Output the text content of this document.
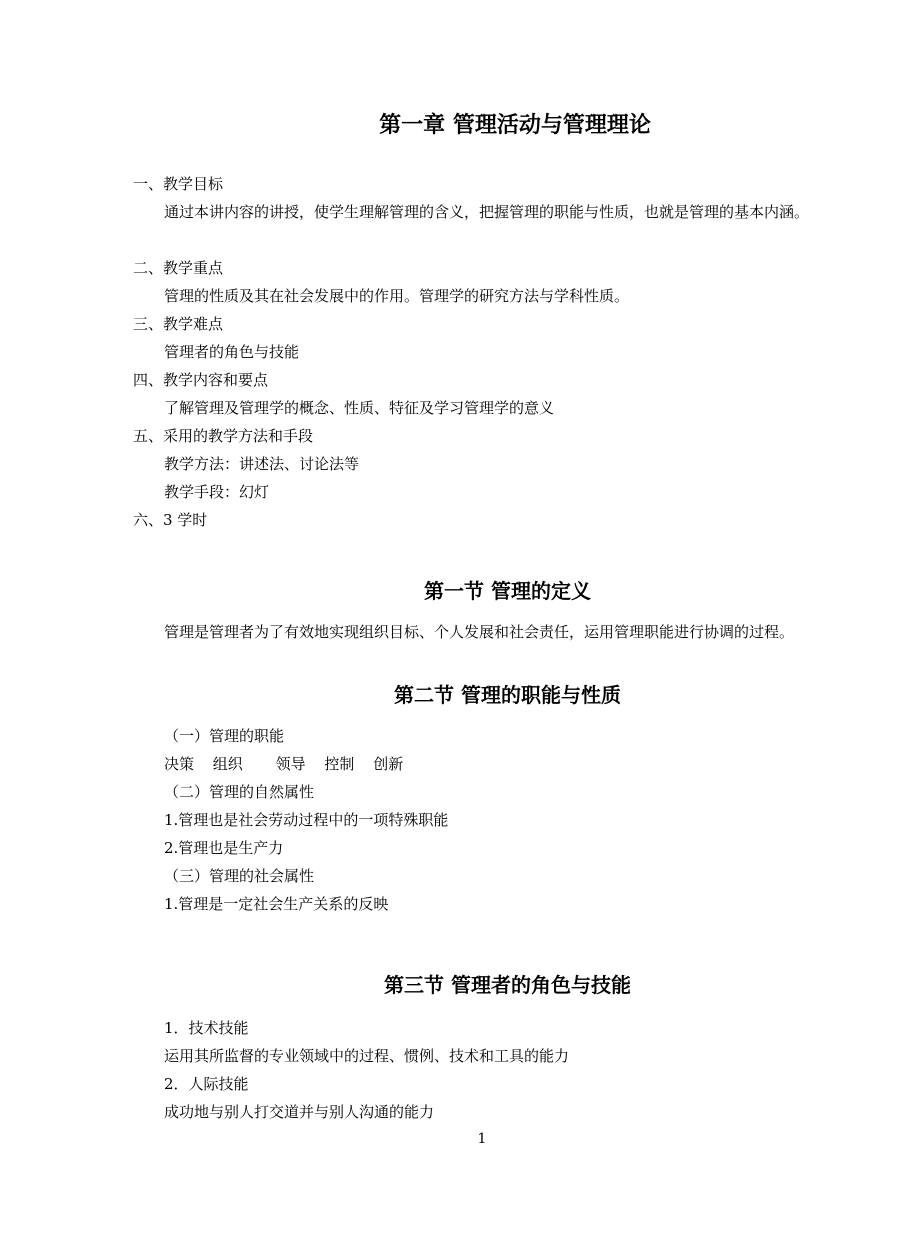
第一章 管理活动与管理理论
一、教学目标
通过本讲内容的讲授，使学生理解管理的含义，把握管理的职能与性质，也就是管理的基本内涵。
二、教学重点
管理的性质及其在社会发展中的作用。管理学的研究方法与学科性质。
三、教学难点
管理者的角色与技能
四、教学内容和要点
了解管理及管理学的概念、性质、特征及学习管理学的意义
五、采用的教学方法和手段
教学方法：讲述法、讨论法等
教学手段：幻灯
六、3 学时
第一节 管理的定义
管理是管理者为了有效地实现组织目标、个人发展和社会责任，运用管理职能进行协调的过程。
第二节 管理的职能与性质
（一）管理的职能
决策 组织 领导 控制 创新
（二）管理的自然属性
1.管理也是社会劳动过程中的一项特殊职能
2.管理也是生产力
（三）管理的社会属性
1.管理是一定社会生产关系的反映
第三节 管理者的角色与技能
1．技术技能
运用其所监督的专业领域中的过程、惯例、技术和工具的能力
2．人际技能
成功地与别人打交道并与别人沟通的能力
1
